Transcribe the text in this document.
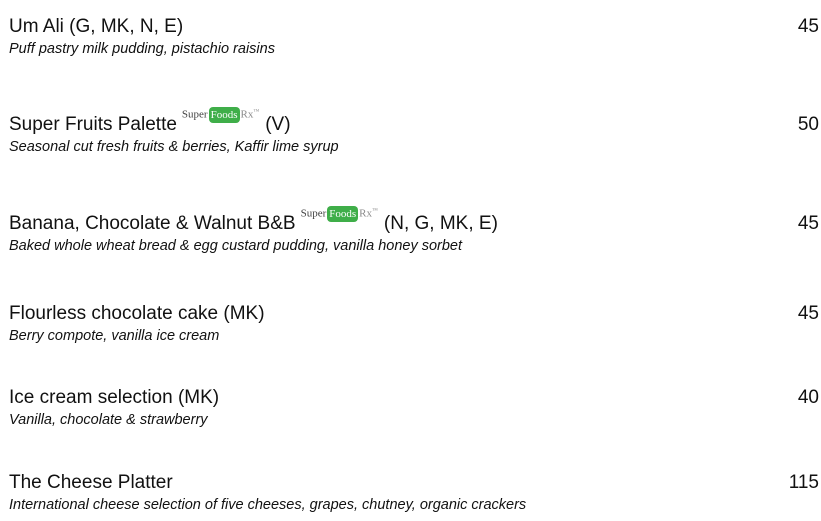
Um Ali (G, MK, N, E)	45
Puff pastry milk pudding, pistachio raisins
Super Fruits Palette Super Foods Rx™(V)	50
Seasonal cut fresh fruits & berries, Kaffir lime syrup
Banana, Chocolate & Walnut B&B Super Foods Rx™(N, G, MK, E)	45
Baked whole wheat bread & egg custard pudding, vanilla honey sorbet
Flourless chocolate cake (MK)	45
Berry compote, vanilla ice cream
Ice cream selection (MK)	40
Vanilla, chocolate & strawberry
The Cheese Platter	115
International cheese selection of five cheeses, grapes, chutney, organic crackers
